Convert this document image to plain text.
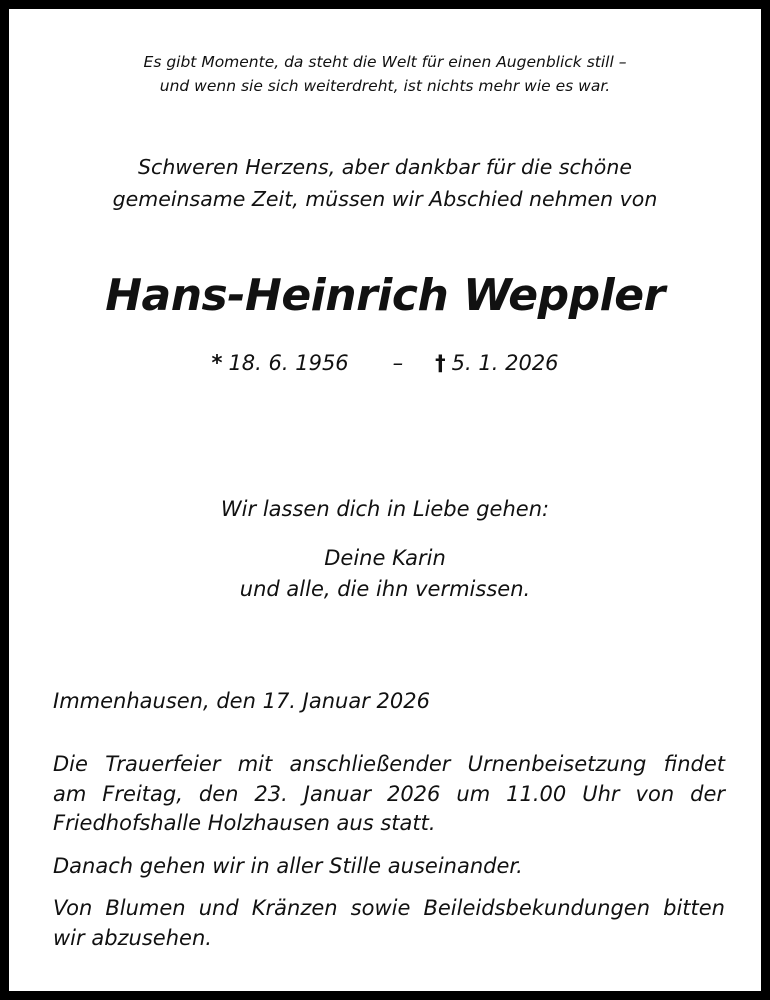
Es gibt Momente, da steht die Welt für einen Augenblick still –
und wenn sie sich weiterdreht, ist nichts mehr wie es war.
Schweren Herzens, aber dankbar für die schöne
gemeinsame Zeit, müssen wir Abschied nehmen von
Hans-Heinrich Weppler
* 18. 6. 1956 – † 5. 1. 2026
Wir lassen dich in Liebe gehen:
Deine Karin
und alle, die ihn vermissen.
Immenhausen, den 17. Januar 2026
Die Trauerfeier mit anschließender Urnenbeisetzung findet
am Freitag, den 23. Januar 2026 um 11.00 Uhr von der
Friedhofshalle Holzhausen aus statt.
Danach gehen wir in aller Stille auseinander.
Von Blumen und Kränzen sowie Beileidsbekundungen bitten
wir abzusehen.
